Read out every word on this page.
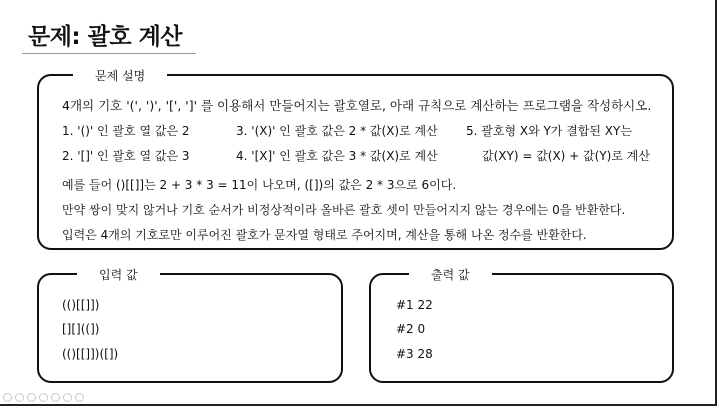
문제: 괄호 계산
문제 설명
4개의 기호 '(', ')', '[', ']' 를 이용해서 만들어지는 괄호열로, 아래 규칙으로 계산하는 프로그램을 작성하시오.
1. '()' 인 괄호 열 값은 2	3. '(X)' 인 괄호 값은 2 * 값(X)로 계산 5. 괄호형 X와 Y가 결합된 XY는
2. '[]' 인 괄호 열 값은 3	4. '[X]' 인 괄호 값은 3 * 값(X)로 계산	값(XY) = 값(X) + 값(Y)로 계산
예를 들어 ()[[]]는 2 + 3 * 3 = 11이 나오며, ([])의 값은 2 * 3으로 6이다.
만약 쌍이 맞지 않거나 기호 순서가 비정상적이라 올바른 괄호 셋이 만들어지지 않는 경우에는 0을 반환한다.
입력은 4개의 기호로만 이루어진 괄호가 문자열 형태로 주어지며, 계산을 통해 나온 정수를 반환한다.
입력 값
(()[[]])
[][]((])
(()[[]])([])
출력 값
#1 22
#2 0
#3 28
